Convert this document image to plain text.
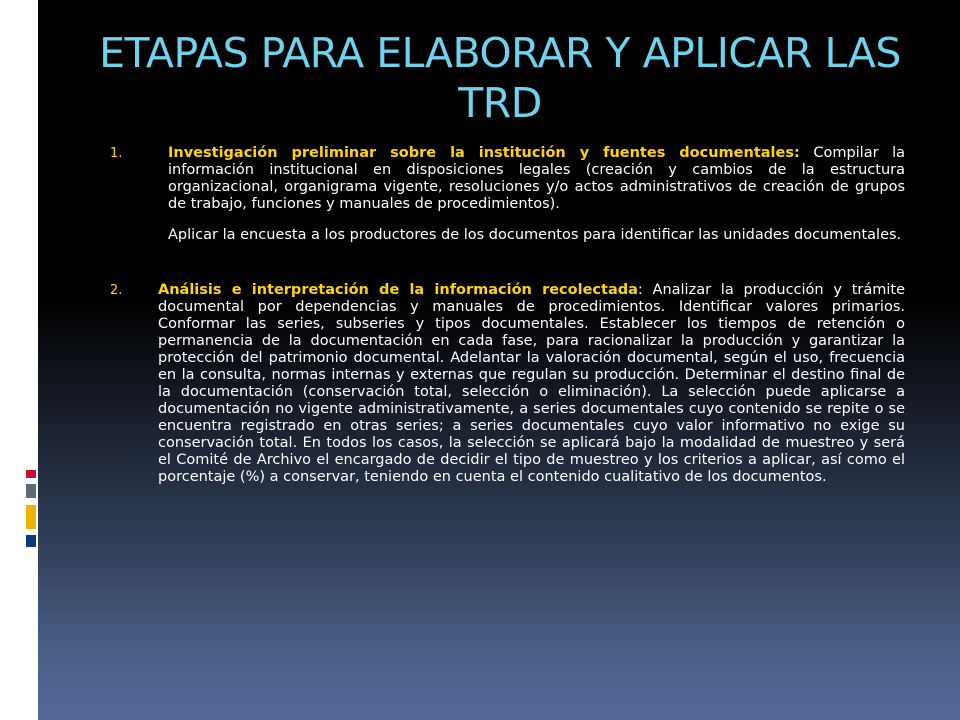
ETAPAS PARA ELABORAR Y APLICAR LAS TRD
1.	Investigación preliminar sobre la institución y fuentes documentales: Compilar la información institucional en disposiciones legales (creación y cambios de la estructura organizacional, organigrama vigente, resoluciones y/o actos administrativos de creación de grupos de trabajo, funciones y manuales de procedimientos).

Aplicar la encuesta a los productores de los documentos para identificar las unidades documentales.

2. Análisis e interpretación de la información recolectada: Analizar la producción y trámite documental por dependencias y manuales de procedimientos. Identificar valores primarios. Conformar las series, subseries y tipos documentales. Establecer los tiempos de retención o permanencia de la documentación en cada fase, para racionalizar la producción y garantizar la protección del patrimonio documental. Adelantar la valoración documental, según el uso, frecuencia en la consulta, normas internas y externas que regulan su producción. Determinar el destino final de la documentación (conservación total, selección o eliminación). La selección puede aplicarse a documentación no vigente administrativamente, a series documentales cuyo contenido se repite o se encuentra registrado en otras series; a series documentales cuyo valor informativo no exige su conservación total. En todos los casos, la selección se aplicará bajo la modalidad de muestreo y será el Comité de Archivo el encargado de decidir el tipo de muestreo y los criterios a aplicar, así como el porcentaje (%) a conservar, teniendo en cuenta el contenido cualitativo de los documentos.
